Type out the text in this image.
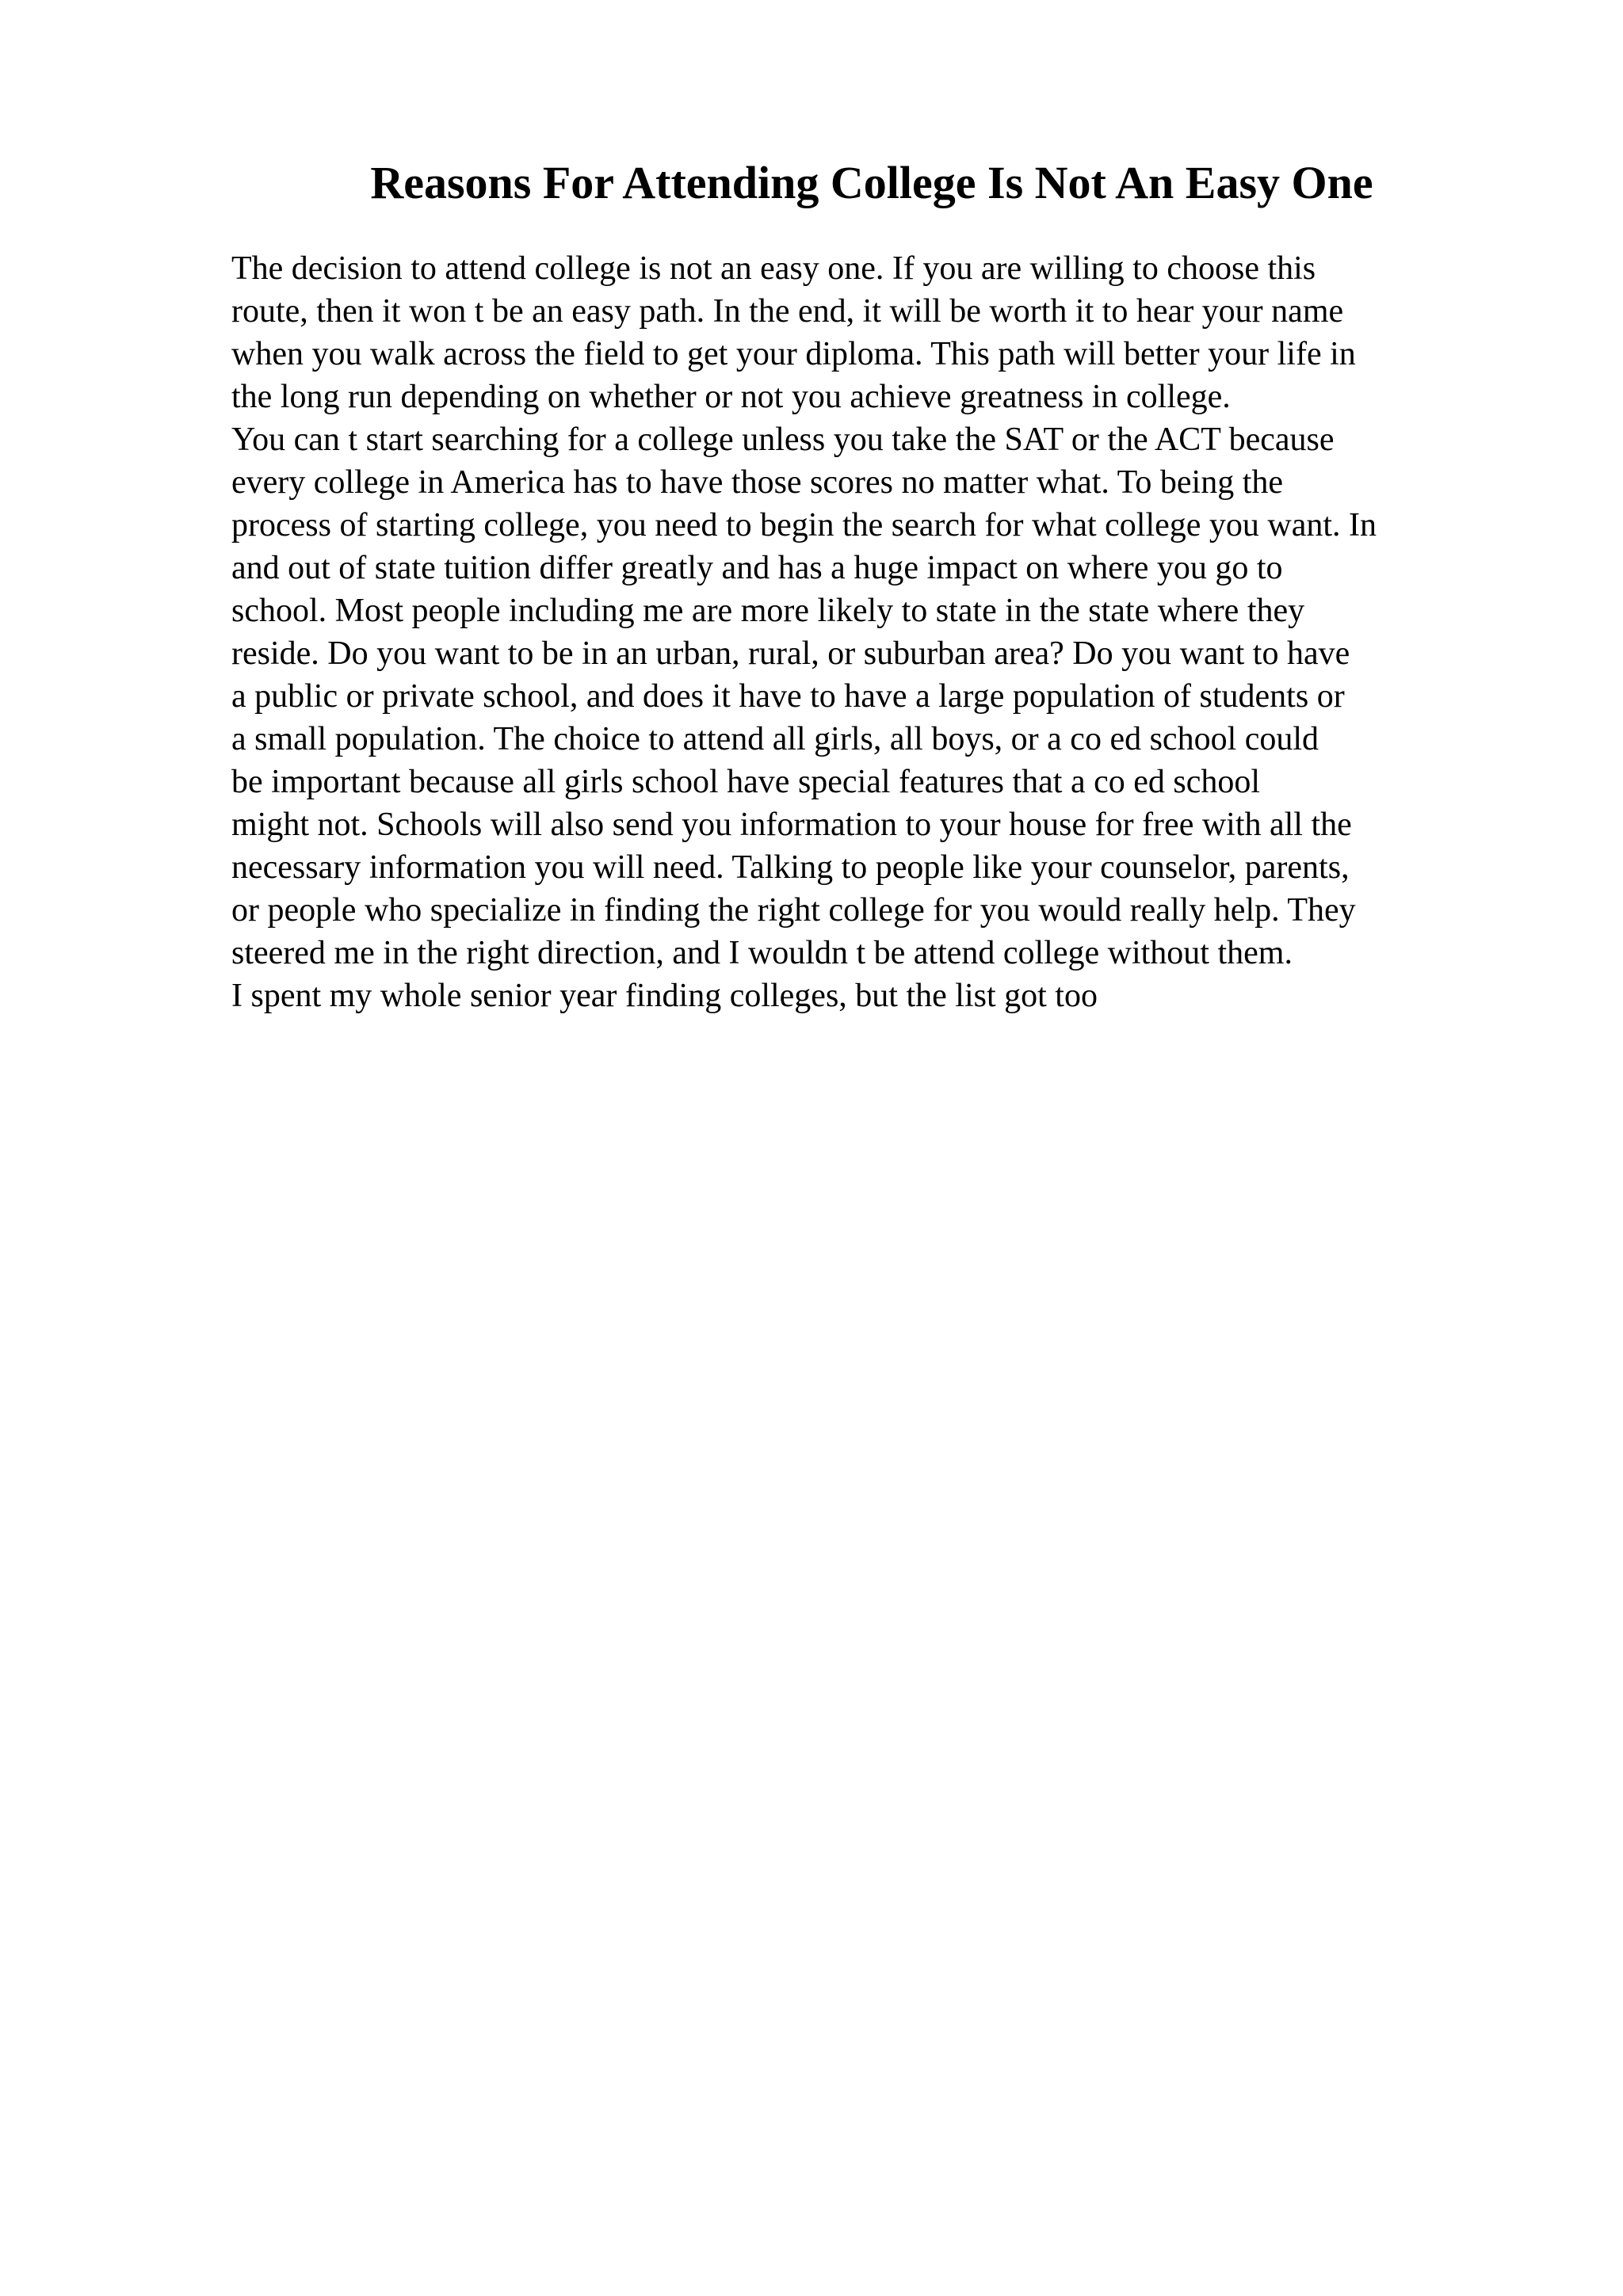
Reasons For Attending College Is Not An Easy One
The decision to attend college is not an easy one. If you are willing to choose this
route, then it won t be an easy path. In the end, it will be worth it to hear your name
when you walk across the field to get your diploma. This path will better your life in
the long run depending on whether or not you achieve greatness in college.
You can t start searching for a college unless you take the SAT or the ACT because
every college in America has to have those scores no matter what. To being the
process of starting college, you need to begin the search for what college you want. In
and out of state tuition differ greatly and has a huge impact on where you go to
school. Most people including me are more likely to state in the state where they
reside. Do you want to be in an urban, rural, or suburban area? Do you want to have
a public or private school, and does it have to have a large population of students or
a small population. The choice to attend all girls, all boys, or a co ed school could
be important because all girls school have special features that a co ed school
might not. Schools will also send you information to your house for free with all the
necessary information you will need. Talking to people like your counselor, parents,
or people who specialize in finding the right college for you would really help. They
steered me in the right direction, and I wouldn t be attend college without them.
I spent my whole senior year finding colleges, but the list got too
